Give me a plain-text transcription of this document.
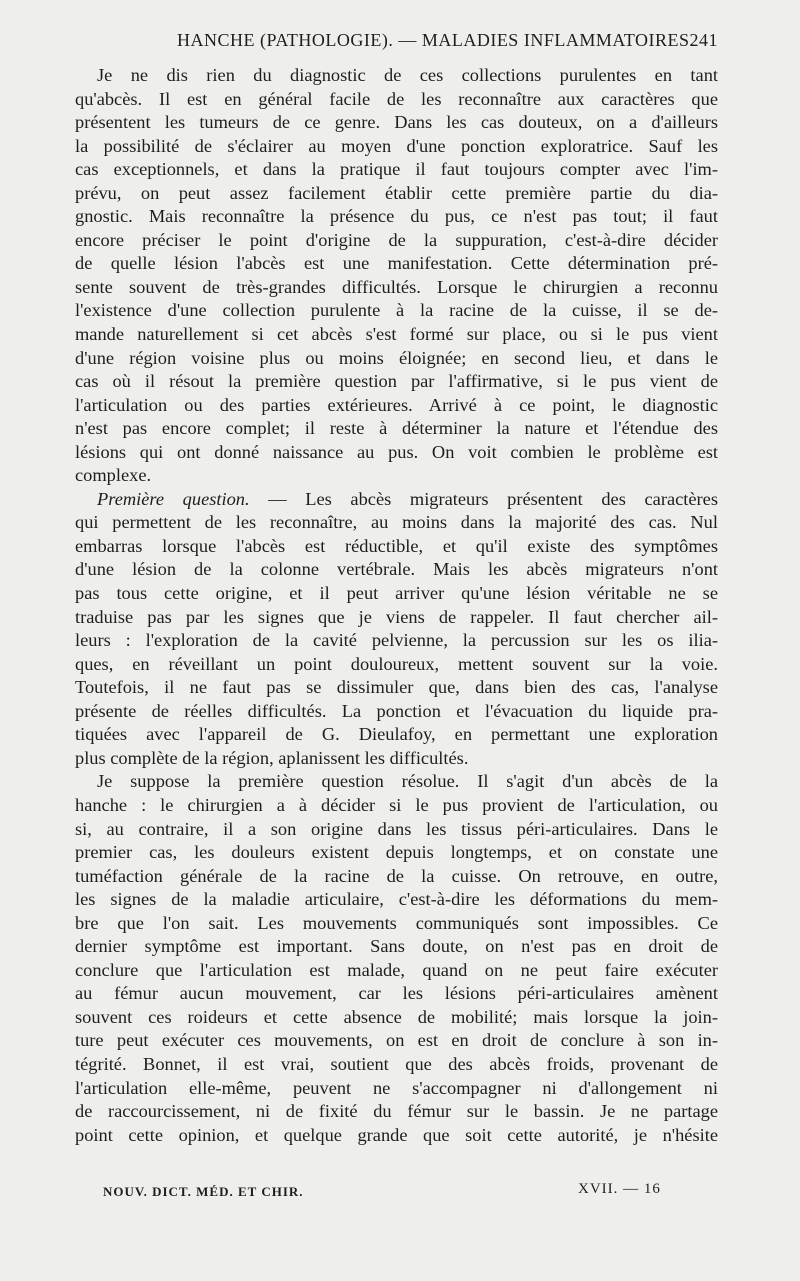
HANCHE (PATHOLOGIE). — MALADIES INFLAMMATOIRES.
241
Je ne dis rien du diagnostic de ces collections purulentes en tant
qu'abcès. Il est en général facile de les reconnaître aux caractères que
présentent les tumeurs de ce genre. Dans les cas douteux, on a d'ailleurs
la possibilité de s'éclairer au moyen d'une ponction exploratrice. Sauf les
cas exceptionnels, et dans la pratique il faut toujours compter avec l'im-
prévu, on peut assez facilement établir cette première partie du dia-
gnostic. Mais reconnaître la présence du pus, ce n'est pas tout; il faut
encore préciser le point d'origine de la suppuration, c'est-à-dire décider
de quelle lésion l'abcès est une manifestation. Cette détermination pré-
sente souvent de très-grandes difficultés. Lorsque le chirurgien a reconnu
l'existence d'une collection purulente à la racine de la cuisse, il se de-
mande naturellement si cet abcès s'est formé sur place, ou si le pus vient
d'une région voisine plus ou moins éloignée; en second lieu, et dans le
cas où il résout la première question par l'affirmative, si le pus vient de
l'articulation ou des parties extérieures. Arrivé à ce point, le diagnostic
n'est pas encore complet; il reste à déterminer la nature et l'étendue des
lésions qui ont donné naissance au pus. On voit combien le problème est
complexe.
Première question. — Les abcès migrateurs présentent des caractères
qui permettent de les reconnaître, au moins dans la majorité des cas. Nul
embarras lorsque l'abcès est réductible, et qu'il existe des symptômes
d'une lésion de la colonne vertébrale. Mais les abcès migrateurs n'ont
pas tous cette origine, et il peut arriver qu'une lésion véritable ne se
traduise pas par les signes que je viens de rappeler. Il faut chercher ail-
leurs : l'exploration de la cavité pelvienne, la percussion sur les os ilia-
ques, en réveillant un point douloureux, mettent souvent sur la voie.
Toutefois, il ne faut pas se dissimuler que, dans bien des cas, l'analyse
présente de réelles difficultés. La ponction et l'évacuation du liquide pra-
tiquées avec l'appareil de G. Dieulafoy, en permettant une exploration
plus complète de la région, aplanissent les difficultés.
Je suppose la première question résolue. Il s'agit d'un abcès de la
hanche : le chirurgien a à décider si le pus provient de l'articulation, ou
si, au contraire, il a son origine dans les tissus péri-articulaires. Dans le
premier cas, les douleurs existent depuis longtemps, et on constate une
tuméfaction générale de la racine de la cuisse. On retrouve, en outre,
les signes de la maladie articulaire, c'est-à-dire les déformations du mem-
bre que l'on sait. Les mouvements communiqués sont impossibles. Ce
dernier symptôme est important. Sans doute, on n'est pas en droit de
conclure que l'articulation est malade, quand on ne peut faire exécuter
au fémur aucun mouvement, car les lésions péri-articulaires amènent
souvent ces roideurs et cette absence de mobilité; mais lorsque la join-
ture peut exécuter ces mouvements, on est en droit de conclure à son in-
tégrité. Bonnet, il est vrai, soutient que des abcès froids, provenant de
l'articulation elle-même, peuvent ne s'accompagner ni d'allongement ni
de raccourcissement, ni de fixité du fémur sur le bassin. Je ne partage
point cette opinion, et quelque grande que soit cette autorité, je n'hésite
NOUV. DICT. MÉD. ET CHIR.	XVII. — 16
